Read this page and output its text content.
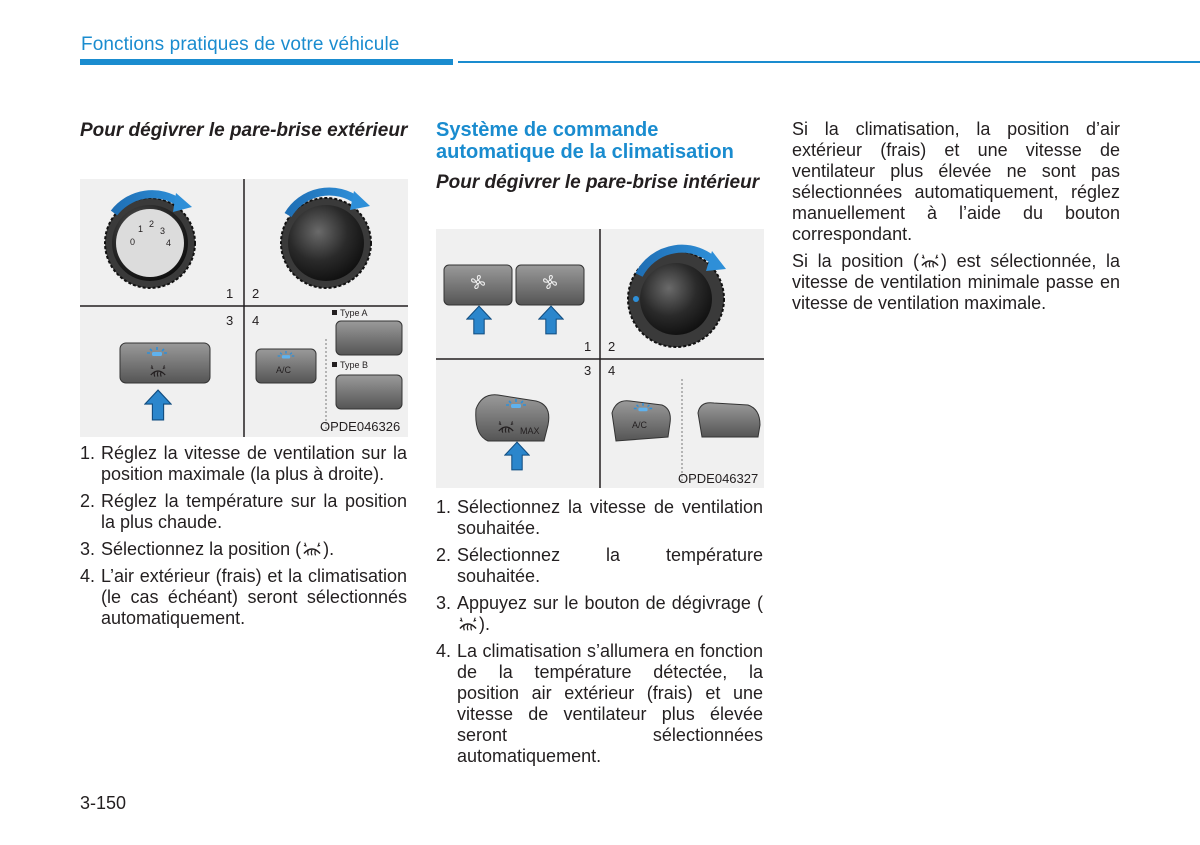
Fonctions pratiques de votre véhicule
Pour dégivrer le pare-brise extérieur
0
1 2
3
4
1 2
3 4
A/C
Type A
Type B
OPDE046326
1. Réglez la vitesse de ventilation sur la position maximale (la plus à droite).
2. Réglez la température sur la position la plus chaude.
3. Sélectionnez la position ( ).
4. L’air extérieur (frais) et la climatisation (le cas échéant) seront sélectionnés automatiquement.
Système de commande automatique de la climatisation
Pour dégivrer le pare-brise intérieur
1 2
3 4
MAX
A/C
OPDE046327
1. Sélectionnez la vitesse de ventilation souhaitée.
2. Sélectionnez la température souhaitée.
3. Appuyez sur le bouton de dégivrage ().
4. La climatisation s’allumera en fonction de la température détectée, la position air extérieur (frais) et une vitesse de ventilateur plus élevée seront sélectionnées automatiquement.

Si la climatisation, la position d’air extérieur (frais) et une vitesse de ventilateur plus élevée ne sont pas sélectionnées automatiquement, réglez manuellement à l’aide du bouton correspondant.

Si la position ( ) est sélectionnée, la vitesse de ventilation minimale passe en vitesse de ventilation maximale.

3-150
